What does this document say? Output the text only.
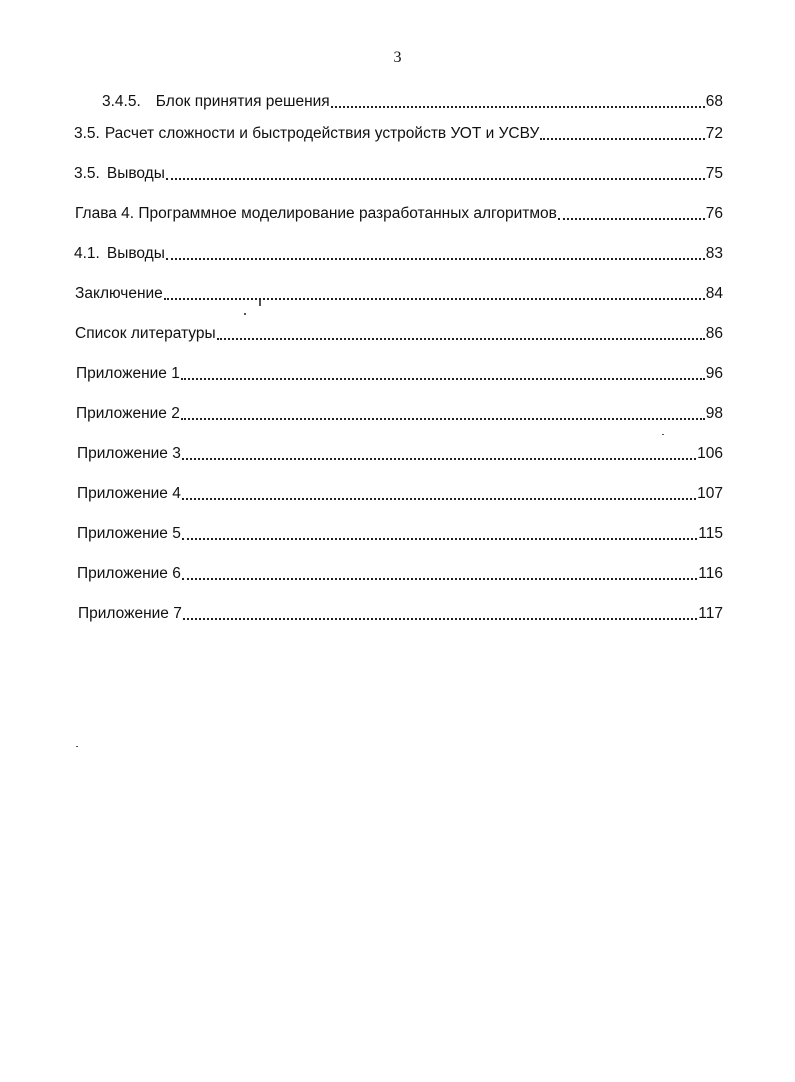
3
3.4.5. Блок принятия решения	68
3.5. Расчет сложности и быстродействия устройств УОТ и УСВУ	72
3.5. Выводы	75
Глава 4. Программное моделирование разработанных алгоритмов	76
4.1. Выводы	83
Заключение	84
Список литературы	86
Приложение 1	96
Приложение 2	98
Приложение 3	106
Приложение 4	107
Приложение 5	115
Приложение 6	116
Приложение 7	117
